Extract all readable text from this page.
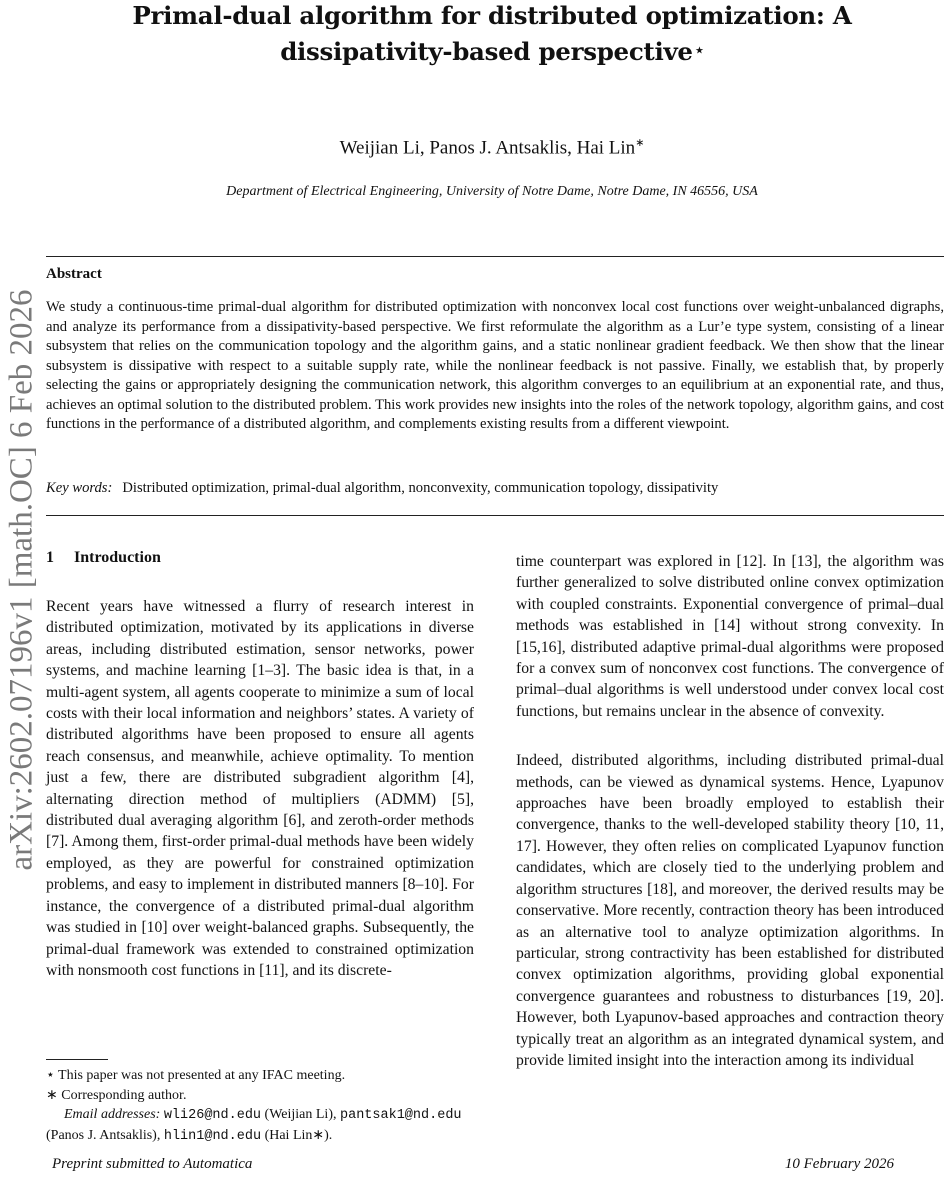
arXiv:2602.07196v1 [math.OC] 6 Feb 2026
Primal-dual algorithm for distributed optimization: A
dissipativity-based perspective ⋆
Weijian Li, Panos J. Antsaklis, Hai Lin∗
Department of Electrical Engineering, University of Notre Dame, Notre Dame, IN 46556, USA
Abstract
We study a continuous-time primal-dual algorithm for distributed optimization with nonconvex local cost functions over weight-unbalanced digraphs, and analyze its performance from a dissipativity-based perspective. We first reformulate the algorithm as a Lur’e type system, consisting of a linear subsystem that relies on the communication topology and the algorithm gains, and a static nonlinear gradient feedback. We then show that the linear subsystem is dissipative with respect to a suitable supply rate, while the nonlinear feedback is not passive. Finally, we establish that, by properly selecting the gains or appropriately designing the communication network, this algorithm converges to an equilibrium at an exponential rate, and thus, achieves an optimal solution to the distributed problem. This work provides new insights into the roles of the network topology, algorithm gains, and cost functions in the performance of a distributed algorithm, and complements existing results from a different viewpoint.
Key words: Distributed optimization, primal-dual algorithm, nonconvexity, communication topology, dissipativity
1 Introduction

Recent years have witnessed a flurry of research interest in distributed optimization, motivated by its applications in diverse areas, including distributed estimation, sensor networks, power systems, and machine learning [1–3]. The basic idea is that, in a multi-agent system, all agents cooperate to minimize a sum of local costs with their local information and neighbors’ states. A variety of distributed algorithms have been proposed to ensure all agents reach consensus, and meanwhile, achieve optimality. To mention just a few, there are distributed subgradient algorithm [4], alternating direction method of multipliers (ADMM) [5], distributed dual averaging algorithm [6], and zeroth-order methods [7]. Among them, first-order primal-dual methods have been widely employed, as they are powerful for constrained optimization problems, and easy to implement in distributed manners [8–10]. For instance, the convergence of a distributed primal-dual algorithm was studied in [10] over weight-balanced graphs. Subsequently, the primal-dual framework was extended to constrained optimization with nonsmooth cost functions in [11], and its discrete-

time counterpart was explored in [12]. In [13], the algorithm was further generalized to solve distributed online convex optimization with coupled constraints. Exponential convergence of primal–dual methods was established in [14] without strong convexity. In [15,16], distributed adaptive primal-dual algorithms were proposed for a convex sum of nonconvex cost functions. The convergence of primal–dual algorithms is well understood under convex local cost functions, but remains unclear in the absence of convexity.

Indeed, distributed algorithms, including distributed primal-dual methods, can be viewed as dynamical systems. Hence, Lyapunov approaches have been broadly employed to establish their convergence, thanks to the well-developed stability theory [10, 11, 17]. However, they often relies on complicated Lyapunov function candidates, which are closely tied to the underlying problem and algorithm structures [18], and moreover, the derived results may be conservative. More recently, contraction theory has been introduced as an alternative tool to analyze optimization algorithms. In particular, strong contractivity has been established for distributed convex optimization algorithms, providing global exponential convergence guarantees and robustness to disturbances [19, 20]. However, both Lyapunov-based approaches and contraction theory typically treat an algorithm as an integrated dynamical system, and provide limited insight into the interaction among its individual

⋆ This paper was not presented at any IFAC meeting.
∗ Corresponding author.
Email addresses: wli26@nd.edu (Weijian Li), pantsak1@nd.edu (Panos J. Antsaklis), hlin1@nd.edu (Hai Lin∗).
Preprint submitted to Automatica	10 February 2026
